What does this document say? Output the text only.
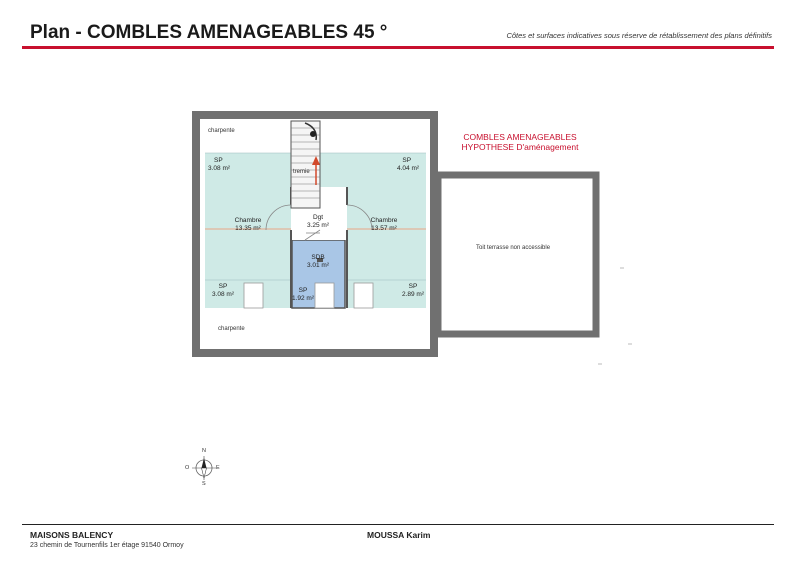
Plan - COMBLES AMENAGEABLES 45 °	Côtes et surfaces indicatives sous réserve de rétablissement des plans définitifs
charpente
charpente
tremie
COMBLES AMENAGEABLES
HYPOTHESE D'aménagement
SP
3.08 m²
SP
4.04 m²
Chambre
13.35 m²
Chambre
13.57 m²
Dgt
3.25 m²
SDB
3.01 m²
SP
3.08 m²
SP
1.92 m²
SP
2.89 m²
Toit terrasse non accessible
N
S
E
O
MAISONS BALENCY
23 chemin de Tournenfils 1er étage 91540 Ormoy
MOUSSA Karim
